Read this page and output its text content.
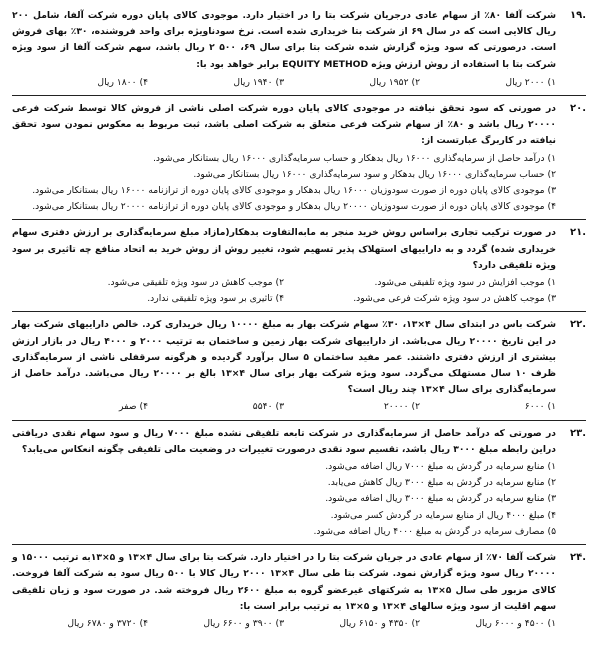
۱۹.
شرکت آلفا ۸۰٪ از سهام عادی درجریان شرکت بتا را در اختیار دارد. موجودی کالای پایان دوره شرکت آلفا، شامل ۲۰۰ ریال کالایی است که در سال ۶۹ از شرکت بتا خریداری شده است. نرخ سودناویژه برای واحد فروشنده، ۳۰٪ بهای فروش است. درصورتی که سود ویژه گزارش شده شرکت بتا برای سال ۶۹، ۵۰۰ ۲ ریال باشد، سهم شرکت آلفا از سود ویژه شرکت بتا با استفاده از روش ارزش ویژه EQUITY METHOD برابر خواهد بود با:
۱) ۲۰۰۰ ریال
۲) ۱۹۵۲ ریال
۳) ۱۹۴۰ ریال
۴) ۱۸۰۰ ریال
۲۰.
در صورتی که سود تحقق نیافته در موجودی کالای پایان دوره شرکت اصلی ناشی از فروش کالا توسط شرکت فرعی ۲۰۰۰۰ ریال باشد و ۸۰٪ از سهام شرکت فرعی متعلق به شرکت اصلی باشد، ثبت مربوط به معکوس نمودن سود تحقق نیافته در کاربرگ عبارتست از:
۱) درآمد حاصل از سرمایه‌گذاری ۱۶۰۰۰ ریال بدهکار و حساب سرمایه‌گذاری ۱۶۰۰۰ ریال بستانکار می‌شود.
۲) حساب سرمایه‌گذاری ۱۶۰۰۰ ریال بدهکار و سود سرمایه‌گذاری ۱۶۰۰۰ ریال بستانکار می‌شود.
۳) موجودی کالای پایان دوره از صورت سودوزیان ۱۶۰۰۰ ریال بدهکار و موجودی کالای پایان دوره از ترازنامه ۱۶۰۰۰ ریال بستانکار می‌شود.
۴) موجودی کالای پایان دوره از صورت سودوزیان ۲۰۰۰۰ ریال بدهکار و موجودی کالای پایان دوره از ترازنامه ۲۰۰۰۰ ریال بستانکار می‌شود.
۲۱.
در صورت ترکیب تجاری براساس روش خرید منجر به مابه‌التفاوت بدهکار(مازاد مبلغ سرمایه‌گذاری بر ارزش دفتری سهام خریداری شده) گردد و به داراییهای استهلاک پذیر تسهیم شود، تغییر روش از روش خرید به اتحاد منافع چه تاثیری بر سود ویژه تلفیقی دارد؟
۱) موجب افزایش در سود ویژه تلفیقی می‌شود.
۲) موجب کاهش در سود ویژه تلفیقی می‌شود.
۳) موجب کاهش در سود ویژه شرکت فرعی می‌شود.
۴) تاثیری بر سود ویژه تلفیقی ندارد.
۲۲.
شرکت باس در ابتدای سال ۴×۱۳، ۳۰٪ سهام شرکت بهار به مبلغ ۱۰۰۰۰ ریال خریداری کرد. خالص داراییهای شرکت بهار در این تاریخ ۲۰۰۰۰ ریال می‌باشد. از داراییهای شرکت بهار زمین و ساختمان به ترتیب ۲۰۰۰ و ۴۰۰۰ ریال در بازار ارزش بیشتری از ارزش دفتری داشتند. عمر مفید ساختمان ۵ سال برآورد گردیده و هرگونه سرقفلی ناشی از سرمایه‌گذاری ظرف ۱۰ سال مستهلک می‌گردد. سود ویژه شرکت بهار برای سال ۴×۱۳ بالغ بر ۲۰۰۰۰ ریال می‌باشد. درآمد حاصل از سرمایه‌گذاری برای سال ۴×۱۳ چند ریال است؟
۱) ۶۰۰۰
۲) ۲۰۰۰۰
۳) ۵۵۴۰
۴) صفر
۲۳.
در صورتی که درآمد حاصل از سرمایه‌گذاری در شرکت تابعه تلفیقی نشده مبلغ ۷۰۰۰ ریال و سود سهام نقدی دریافتی دراین رابطه مبلغ ۳۰۰۰ ریال باشد، تقسیم سود نقدی درصورت تغییرات در وضعیت مالی تلفیقی چگونه انعکاس می‌یابد؟
۱) منابع سرمایه در گردش به مبلغ ۷۰۰۰ ریال اضافه می‌شود.
۲) منابع سرمایه در گردش به مبلغ ۳۰۰۰ ریال کاهش می‌یابد.
۳) منابع سرمایه در گردش به مبلغ ۳۰۰۰ ریال اضافه می‌شود.
۴) مبلغ ۴۰۰۰ ریال از منابع سرمایه در گردش کسر می‌شود.
۵) مصارف سرمایه در گردش به مبلغ ۴۰۰۰ ریال اضافه می‌شود.
۲۴.
شرکت آلفا ۷۰٪ از سهام عادی در جریان شرکت بتا را در اختیار دارد. شرکت بتا برای سال ۴×۱۳ و ۵×۱۳به ترتیب ۱۵۰۰۰ و ۲۰۰۰۰ ریال سود ویژه گزارش نمود. شرکت بتا طی سال ۴×۱۳ ۲۰۰۰ ریال کالا با ۵۰۰ ریال سود به شرکت آلفا فروخت. کالای مزبور طی سال ۵×۱۳ به شرکتهای غیرعضو گروه به مبلغ ۲۶۰۰ ریال فروخته شد. در صورت سود و زیان تلفیقی سهم اقلیت از سود ویژه سالهای ۴×۱۳ و ۵×۱۳ به ترتیب برابر است با:
۱) ۴۵۰۰ و ۶۰۰۰ ریال
۲) ۴۳۵۰ و ۶۱۵۰ ریال
۳) ۳۹۰۰ و ۶۶۰۰ ریال
۴) ۳۷۲۰ و ۶۷۸۰ ریال
